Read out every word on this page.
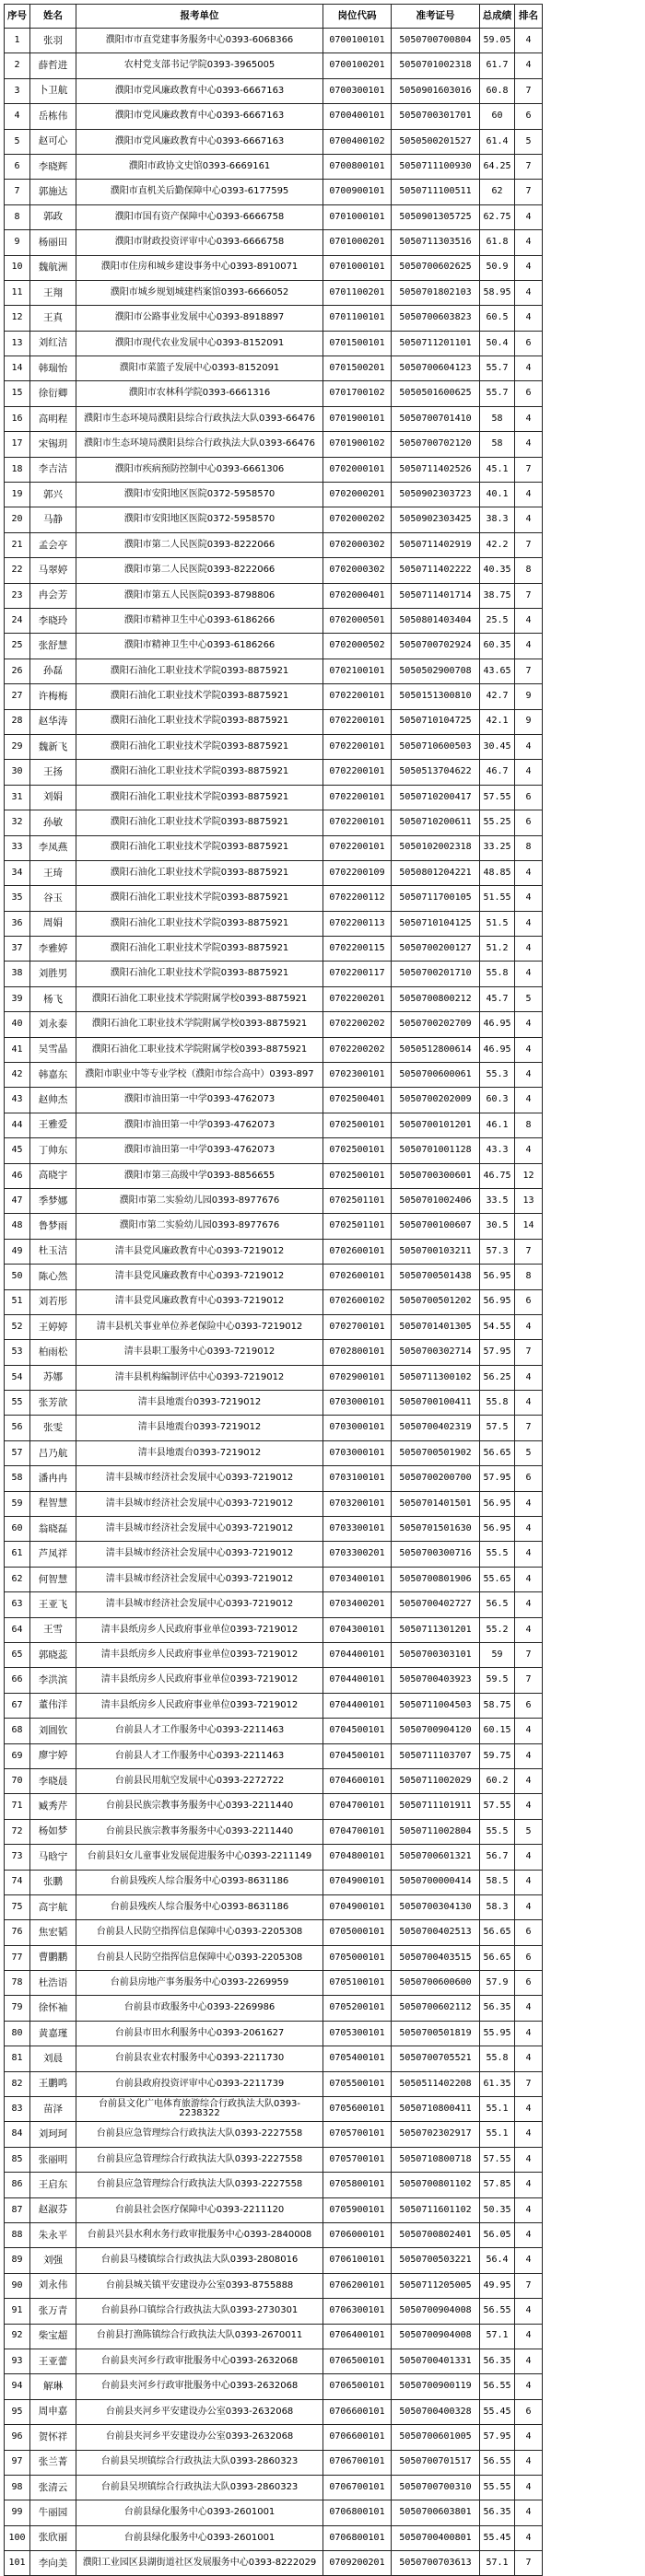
序号	姓名	报考单位	岗位代码	准考证号	总成绩	排名
1	张羽	濮阳市市直党建事务服务中心0393-6068366	0700100101	5050700700804	59.05	4
2	薛哲进	农村党支部书记学院0393-3965005	0700100201	5050701002318	61.7	4
3	卜卫航	濮阳市党风廉政教育中心0393-6667163	0700300101	5050901603016	60.8	7
4	岳栋伟	濮阳市党风廉政教育中心0393-6667163	0700400101	5050700301701	60	6
5	赵可心	濮阳市党风廉政教育中心0393-6667163	0700400102	5050500201527	61.4	5
6	李晓辉	濮阳市政协文史馆0393-6669161	0700800101	5050711100930	64.25	7
7	郭施达	濮阳市直机关后勤保障中心0393-6177595	0700900101	5050711100511	62	7
8	郭政	濮阳市国有资产保障中心0393-6666758	0701000101	5050901305725	62.75	4
9	杨丽田	濮阳市財政投资评审中心0393-6666758	0701000201	5050711303516	61.8	4
10	魏航洲	濮阳市住房和城乡建设事务中心0393-8910071	0701000101	5050700602625	50.9	4
11	王翔	濮阳市城乡规划城建档案馆0393-6666052	0701100201	5050701802103	58.95	4
12	王真	濮阳市公路事业发展中心0393-8918897	0701100101	5050700603823	60.5	4
13	刘红洁	濮阳市现代农业发展中心0393-8152091	0701500101	5050711201101	50.4	6
14	韩瑞怡	濮阳市菜篮子发展中心0393-8152091	0701500201	5050700604123	55.7	4
15	徐衍卿	濮阳市农林科学院0393-6661316	0701700102	5050501600625	55.7	6
16	高明程	濮阳市生态环境局濮阳县综合行政执法大队0393-66476	0701900101	5050700701410	58	4
17	宋锡玥	濮阳市生态环境局濮阳县综合行政执法大队0393-66476	0701900102	5050700702120	58	4
18	李吉洁	濮阳市疾病预防控制中心0393-6661306	0702000101	5050711402526	45.1	7
19	郭兴	濮阳市安阳地区医院0372-5958570	0702000201	5050902303723	40.1	4
20	马静	濮阳市安阳地区医院0372-5958570	0702000202	5050902303425	38.3	4
21	孟会亭	濮阳市第二人民医院0393-8222066	0702000302	5050711402919	42.2	7
22	马翠婷	濮阳市第二人民医院0393-8222066	0702000302	5050711402222	40.35	8
23	冉会芳	濮阳市第五人民医院0393-8798806	0702000401	5050711401714	38.75	7
24	李晓玲	濮阳市精神卫生中心0393-6186266	0702000501	5050801403404	25.5	4
25	张舒慧	濮阳市精神卫生中心0393-6186266	0702000502	5050700702924	60.35	4
26	孙磊	濮阳石油化工职业技术学院0393-8875921	0702100101	5050502900708	43.65	7
27	许梅梅	濮阳石油化工职业技术学院0393-8875921	0702200101	5050151300810	42.7	9
28	赵华涛	濮阳石油化工职业技术学院0393-8875921	0702200101	5050710104725	42.1	9
29	魏新飞	濮阳石油化工职业技术学院0393-8875921	0702200101	5050710600503	30.45	4
30	王扬	濮阳石油化工职业技术学院0393-8875921	0702200101	5050513704622	46.7	4
31	刘娟	濮阳石油化工职业技术学院0393-8875921	0702200101	5050710200417	57.55	6
32	孙敏	濮阳石油化工职业技术学院0393-8875921	0702200101	5050710200611	55.25	6
33	李凤燕	濮阳石油化工职业技术学院0393-8875921	0702200101	5050102002318	33.25	8
34	王琦	濮阳石油化工职业技术学院0393-8875921	0702200109	5050801204221	48.85	4
35	谷玉	濮阳石油化工职业技术学院0393-8875921	0702200112	5050711700105	51.55	4
36	周娟	濮阳石油化工职业技术学院0393-8875921	0702200113	5050710104125	51.5	4
37	李雅婷	濮阳石油化工职业技术学院0393-8875921	0702200115	5050700200127	51.2	4
38	刘胜男	濮阳石油化工职业技术学院0393-8875921	0702200117	5050700201710	55.8	4
39	杨飞	濮阳石油化工职业技术学院附属学校0393-8875921	0702200201	5050700800212	45.7	5
40	刘永泰	濮阳石油化工职业技术学院附属学校0393-8875921	0702200202	5050700202709	46.95	4
41	吴雪晶	濮阳石油化工职业技术学院附属学校0393-8875921	0702200202	5050512800614	46.95	4
42	韩嘉东	濮阳市职业中等专业学校（濮阳市综合高中）0393-897	0702300101	5050700600061	55.3	4
43	赵帅杰	濮阳市油田第一中学0393-4762073	0702500401	5050700202009	60.3	4
44	王雅爱	濮阳市油田第一中学0393-4762073	0702500101	5050700101201	46.1	8
45	丁帅东	濮阳市油田第一中学0393-4762073	0702500101	5050701001128	43.3	4
46	高晓宇	濮阳市第三高级中学0393-8856655	0702500101	5050700300601	46.75	12
47	季梦娜	濮阳市第二实验幼儿园0393-8977676	0702501101	5050701002406	33.5	13
48	鲁梦雨	濮阳市第二实验幼儿园0393-8977676	0702501101	5050700100607	30.5	14
49	杜玉洁	清丰县党风廉政教育中心0393-7219012	0702600101	5050700103211	57.3	7
50	陈心然	清丰县党风廉政教育中心0393-7219012	0702600101	5050700501438	56.95	8
51	刘若彤	清丰县党风廉政教育中心0393-7219012	0702600102	5050700501202	56.95	6
52	王婷婷	清丰县机关事业单位养老保险中心0393-7219012	0702700101	5050701401305	54.55	4
53	柏雨松	清丰县职工服务中心0393-7219012	0702800101	5050700302714	57.95	7
54	苏娜	清丰县机构编制评估中心0393-7219012	0702900101	5050711300102	56.25	4
55	张芳歆	清丰县地震台0393-7219012	0703000101	5050700100411	55.8	4
56	张雯	清丰县地震台0393-7219012	0703000101	5050700402319	57.5	7
57	吕乃航	清丰县地震台0393-7219012	0703000101	5050700501902	56.65	5
58	潘冉冉	清丰县城市经济社会发展中心0393-7219012	0703100101	5050700200700	57.95	6
59	程智慧	清丰县城市经济社会发展中心0393-7219012	0703200101	5050701401501	56.95	4
60	翁晓磊	清丰县城市经济社会发展中心0393-7219012	0703300101	5050701501630	56.95	4
61	芦凤祥	清丰县城市经济社会发展中心0393-7219012	0703300201	5050700300716	55.5	4
62	何智慧	清丰县城市经济社会发展中心0393-7219012	0703400101	5050700801906	55.65	4
63	王亚飞	清丰县城市经济社会发展中心0393-7219012	0703400201	5050700402727	56.5	4
64	王雪	清丰县纸房乡人民政府事业单位0393-7219012	0704300101	5050711301201	55.2	4
65	郭晓蕊	清丰县纸房乡人民政府事业单位0393-7219012	0704400101	5050700303101	59	7
66	李洪滨	清丰县纸房乡人民政府事业单位0393-7219012	0704400101	5050700403923	59.5	7
67	董伟洋	清丰县纸房乡人民政府事业单位0393-7219012	0704400101	5050711004503	58.75	6
68	刘圆钦	台前县人才工作服务中心0393-2211463	0704500101	5050700904120	60.15	4
69	廖宇婷	台前县人才工作服务中心0393-2211463	0704500101	5050711103707	59.75	4
70	李晓晨	台前县民用航空发展中心0393-2272722	0704600101	5050711002029	60.2	4
71	臧秀芹	台前县民族宗教事务服务中心0393-2211440	0704700101	5050711101911	57.55	4
72	杨如梦	台前县民族宗教事务服务中心0393-2211440	0704700101	5050711002804	55.5	5
73	马晗宁	台前县妇女儿童事业发展促进服务中心0393-2211149	0704800101	5050700601321	56.7	4
74	张鹏	台前县残疾人综合服务中心0393-8631186	0704900101	5050700000414	58.5	4
75	高宇航	台前县残疾人综合服务中心0393-8631186	0704900101	5050700304130	58.3	4
76	焦宏韬	台前县人民防空指挥信息保障中心0393-2205308	0705000101	5050700402513	56.65	6
77	曹鹏鹏	台前县人民防空指挥信息保障中心0393-2205308	0705000101	5050700403515	56.65	6
78	杜浩语	台前县房地产事务服务中心0393-2269959	0705100101	5050700600600	57.9	6
79	徐怀袖	台前县市政服务中心0393-2269986	0705200101	5050700602112	56.35	4
80	黄嘉瑾	台前县市田水利服务中心0393-2061627	0705300101	5050700501819	55.95	4
81	刘晨	台前县农业农村服务中心0393-2211730	0705400101	5050700705521	55.8	4
82	王鹏鸣	台前县政府投资评审中心0393-2211739	0705500101	5050511402208	61.35	7
83	苗泽	台前县文化广电体育旅游综合行政执法大队0393-2238322	0705600101	5050710800411	55.1	4
84	刘珂珂	台前县应急管理综合行政执法大队0393-2227558	0705700101	5050702302917	55.1	4
85	张丽明	台前县应急管理综合行政执法大队0393-2227558	0705700101	5050710800718	57.55	4
86	王启东	台前县应急管理综合行政执法大队0393-2227558	0705800101	5050700801102	57.85	4
87	赵淑芬	台前县社会医疗保障中心0393-2211120	0705900101	5050711601102	50.35	4
88	朱永平	台前县兴县水利水务行政审批服务中心0393-2840008	0706000101	5050700802401	56.05	4
89	刘强	台前县马楼镇综合行政执法大队0393-2808016	0706100101	5050700503221	56.4	4
90	刘永伟	台前县城关镇平安建设办公室0393-8755888	0706200101	5050711205005	49.95	7
91	张万青	台前县孙口镇综合行政执法大队0393-2730301	0706300101	5050700904008	56.55	4
92	柴宝超	台前县打渔陈镇综合行政执法大队0393-2670011	0706400101	5050700904008	57.1	4
93	王亚蕾	台前县夹河乡行政审批服务中心0393-2632068	0706500101	5050700401331	56.35	4
94	解琳	台前县夹河乡行政审批服务中心0393-2632068	0706500101	5050700900119	56.55	4
95	周申嘉	台前县夹河乡平安建设办公室0393-2632068	0706600101	5050700400328	55.45	6
96	贺怀祥	台前县夹河乡平安建设办公室0393-2632068	0706600101	5050700601005	57.95	4
97	张兰菁	台前县吴坝镇综合行政执法大队0393-2860323	0706700101	5050700701517	56.55	4
98	张清云	台前县吴坝镇综合行政执法大队0393-2860323	0706700101	5050700700310	55.55	4
99	牛丽园	台前县绿化服务中心0393-2601001	0706800101	5050700603801	56.35	4
100	张欣丽	台前县绿化服务中心0393-2601001	0706800101	5050700400801	55.45	4
101	李向美	濮阳工业园区县湖街道社区发展服务中心0393-8222029	0709200201	5050700703613	57.1	7
